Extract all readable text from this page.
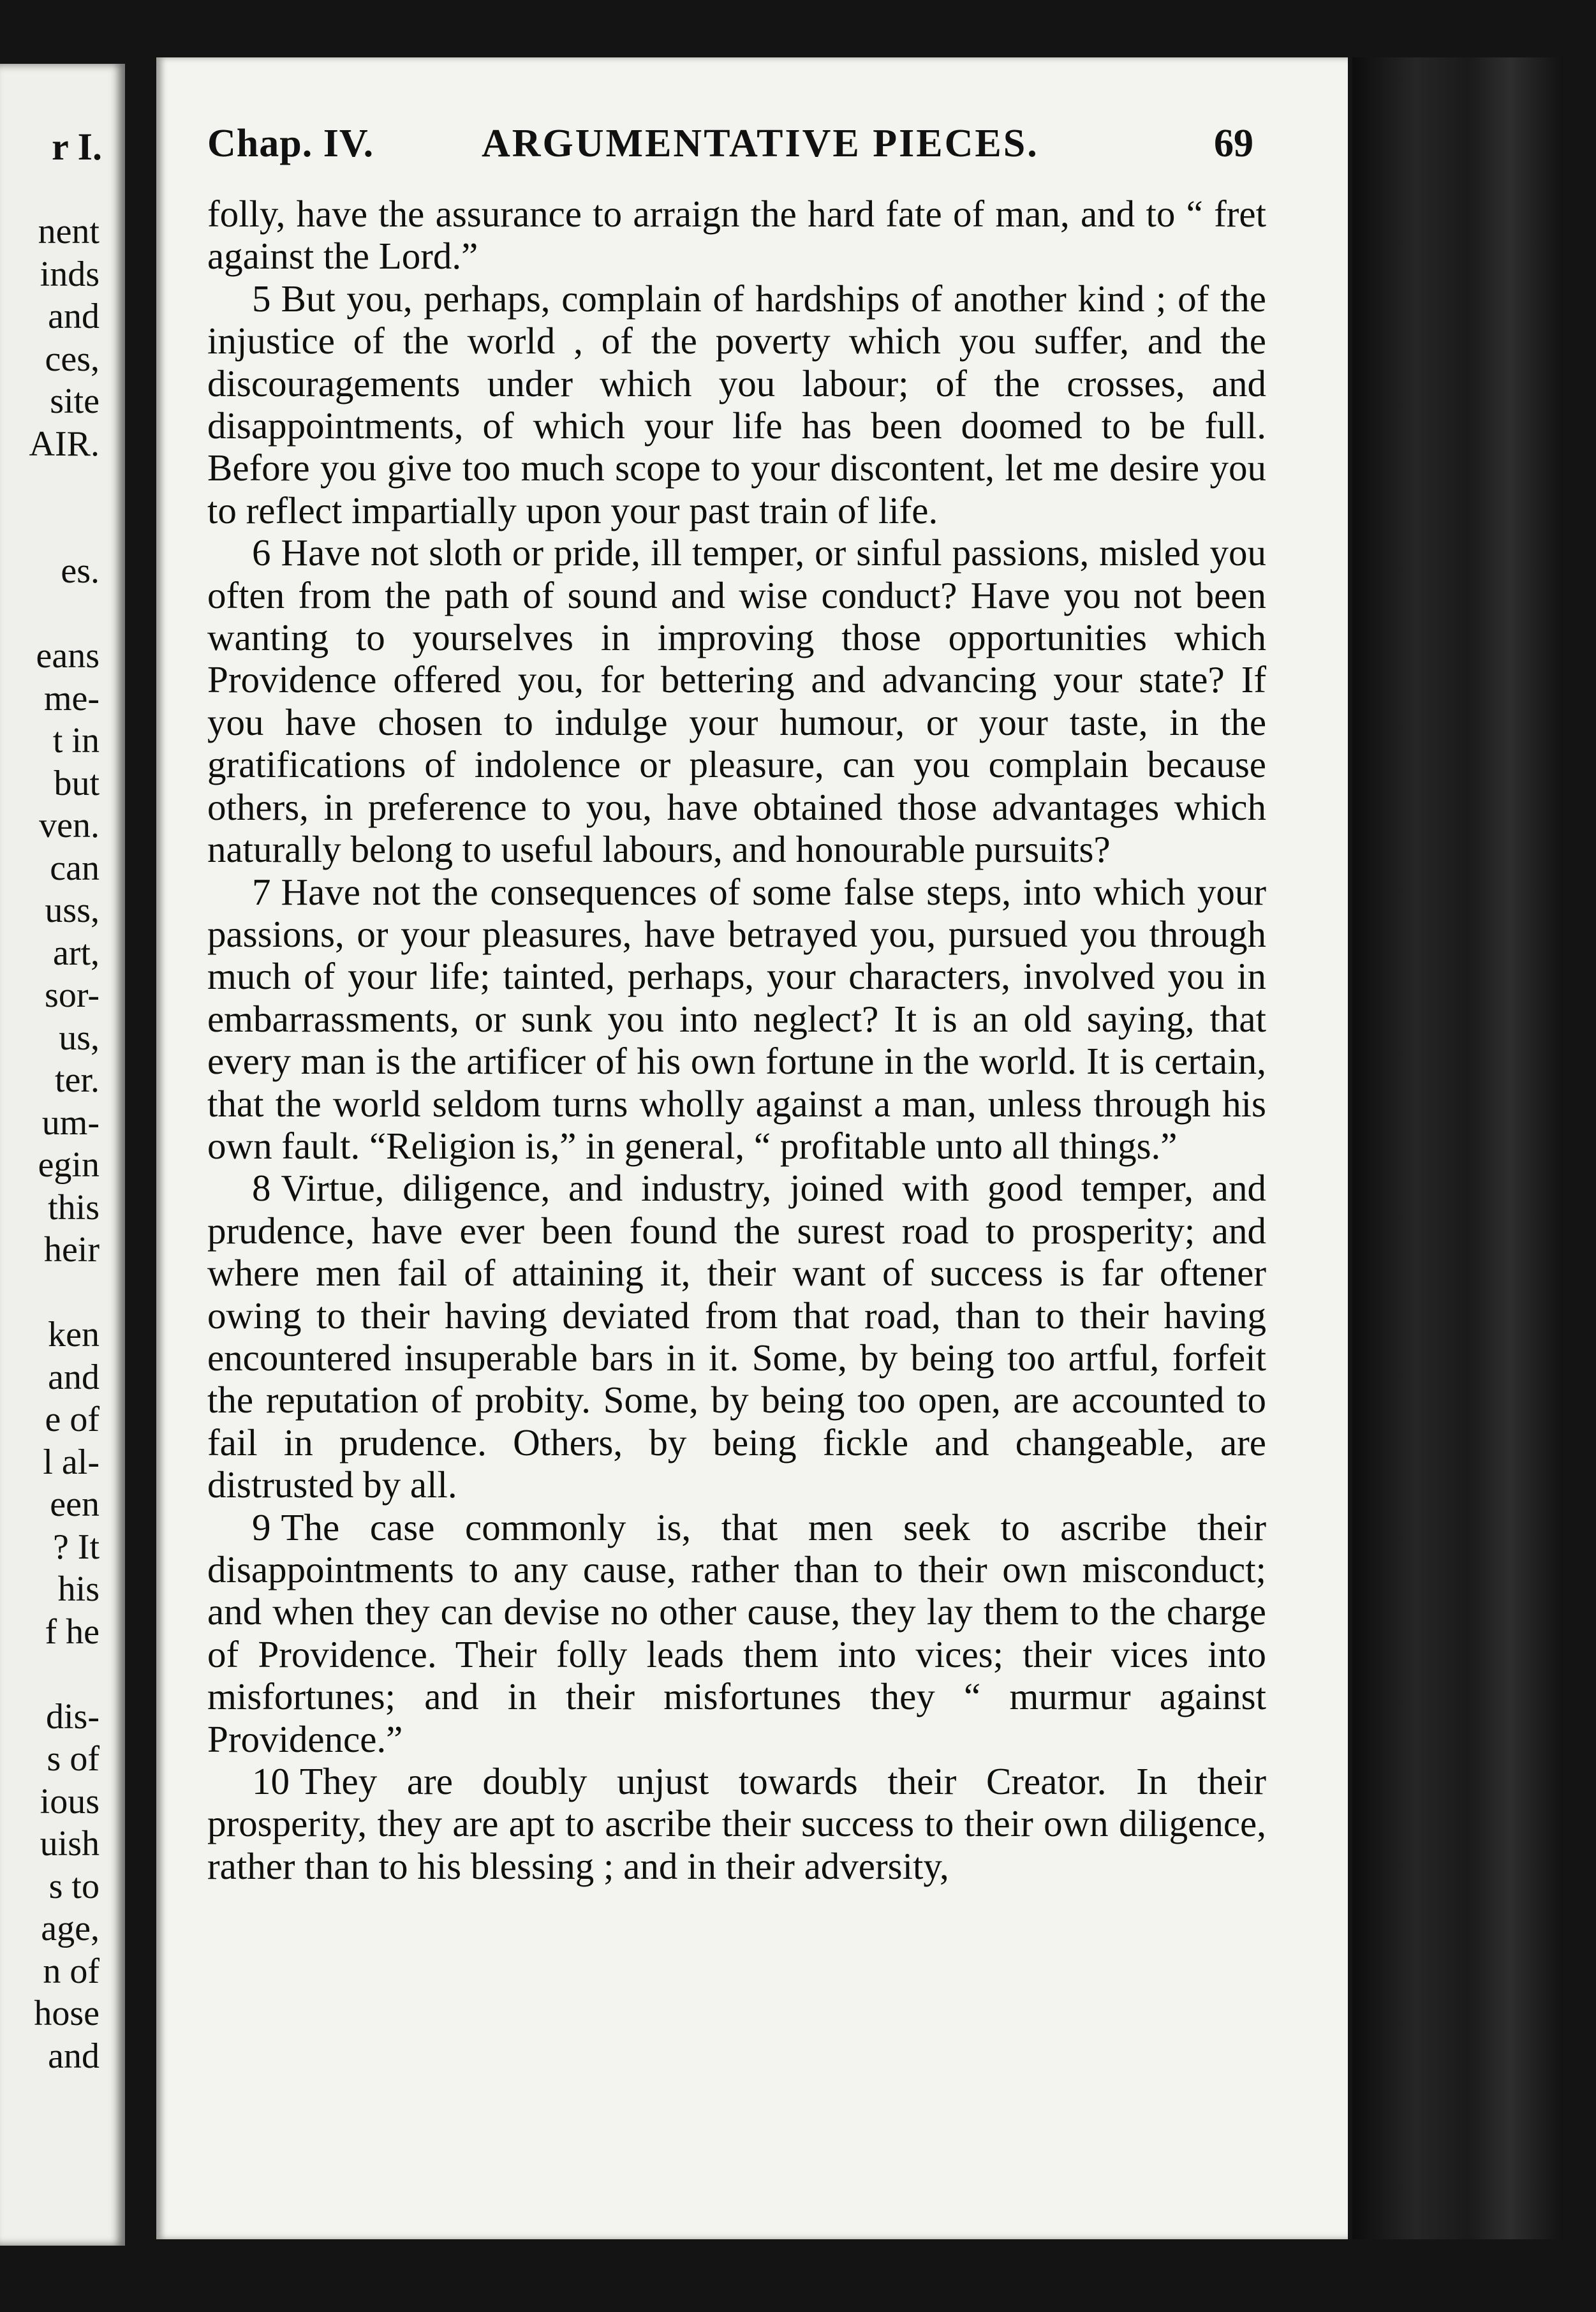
r I.
nent
inds
and
ces,
site
AIR.
es.
eans
me-
t in
but
ven.
can
uss,
art,
sor-
us,
ter.
um-
egin
this
heir
ken
and
e of
l al-
een
? It
his
f he
dis-
s of
ious
uish
s to
age,
n of
hose
and
Chap. IV.	ARGUMENTATIVE PIECES.	69

folly, have the assurance to arraign the hard fate of man, and to “ fret against the Lord.”

5 But you, perhaps, complain of hardships of another kind ; of the injustice of the world , of the poverty which you suffer, and the discouragements under which you labour; of the crosses, and disappointments, of which your life has been doomed to be full. Before you give too much scope to your discontent, let me desire you to reflect impartially upon your past train of life.

6 Have not sloth or pride, ill temper, or sinful passions, misled you often from the path of sound and wise conduct? Have you not been wanting to yourselves in improving those opportunities which Providence offered you, for bettering and advancing your state? If you have chosen to indulge your humour, or your taste, in the gratifications of indolence or pleasure, can you complain because others, in preference to you, have obtained those advantages which naturally belong to useful labours, and honourable pursuits?

7 Have not the consequences of some false steps, into which your passions, or your pleasures, have betrayed you, pursued you through much of your life; tainted, perhaps, your characters, involved you in embarrassments, or sunk you into neglect? It is an old saying, that every man is the artificer of his own fortune in the world. It is certain, that the world seldom turns wholly against a man, unless through his own fault. “Religion is,” in general, “ profitable unto all things.”

8 Virtue, diligence, and industry, joined with good temper, and prudence, have ever been found the surest road to prosperity; and where men fail of attaining it, their want of success is far oftener owing to their having deviated from that road, than to their having encountered insuperable bars in it. Some, by being too artful, forfeit the reputation of probity. Some, by being too open, are accounted to fail in prudence. Others, by being fickle and changeable, are distrusted by all.

9 The case commonly is, that men seek to ascribe their disappointments to any cause, rather than to their own misconduct; and when they can devise no other cause, they lay them to the charge of Providence. Their folly leads them into vices; their vices into misfortunes; and in their misfortunes they “ murmur against Providence.”

10 They are doubly unjust towards their Creator. In their prosperity, they are apt to ascribe their success to their own diligence, rather than to his blessing ; and in their adversity,
